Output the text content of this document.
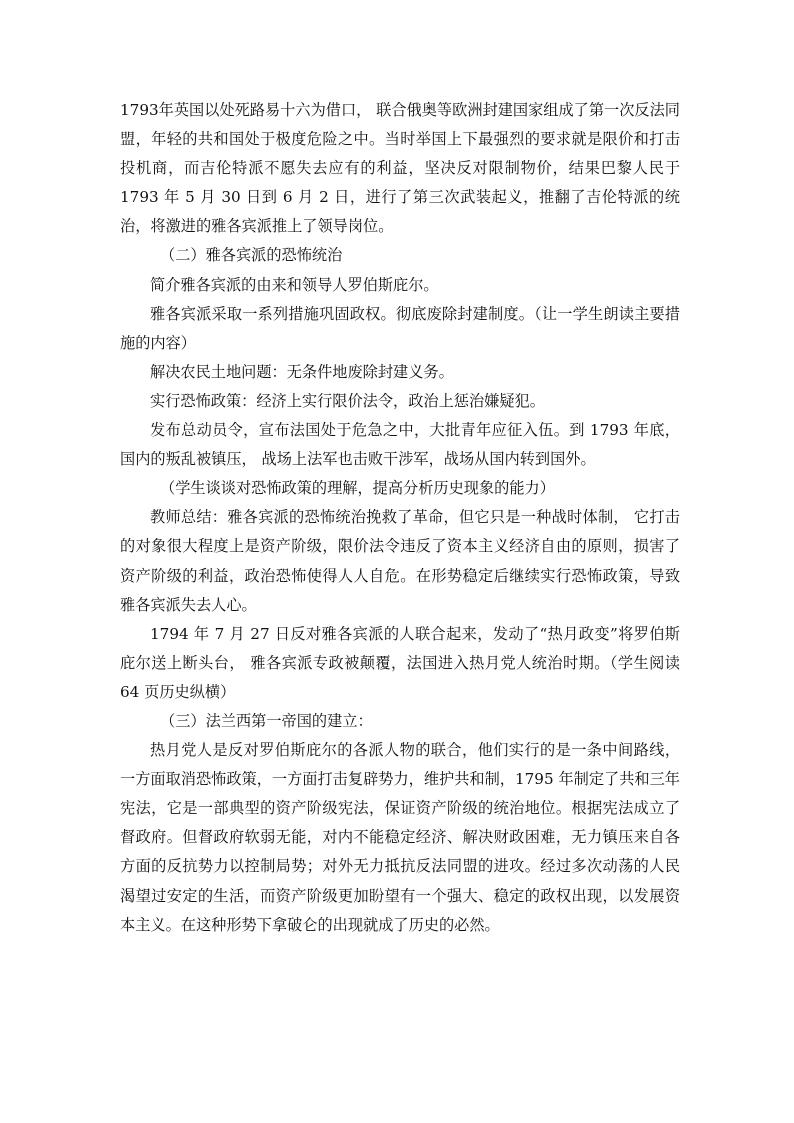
1793年英国以处死路易十六为借口， 联合俄奥等欧洲封建国家组成了第一次反法同盟，年轻的共和国处于极度危险之中。当时举国上下最强烈的要求就是限价和打击投机商，而吉伦特派不愿失去应有的利益，坚决反对限制物价，结果巴黎人民于 1793 年 5 月 30 日到 6 月 2 日，进行了第三次武装起义，推翻了吉伦特派的统治，将激进的雅各宾派推上了领导岗位。

（二）雅各宾派的恐怖统治

简介雅各宾派的由来和领导人罗伯斯庇尔。

雅各宾派采取一系列措施巩固政权。彻底废除封建制度。（让一学生朗读主要措施的内容）

解决农民土地问题：无条件地废除封建义务。

实行恐怖政策：经济上实行限价法令，政治上惩治嫌疑犯。

发布总动员令，宣布法国处于危急之中，大批青年应征入伍。到 1793 年底，国内的叛乱被镇压， 战场上法军也击败干涉军，战场从国内转到国外。

（学生谈谈对恐怖政策的理解，提高分析历史现象的能力）

教师总结：雅各宾派的恐怖统治挽救了革命，但它只是一种战时体制， 它打击的对象很大程度上是资产阶级，限价法令违反了资本主义经济自由的原则，损害了资产阶级的利益，政治恐怖使得人人自危。在形势稳定后继续实行恐怖政策，导致雅各宾派失去人心。

1794 年 7 月 27 日反对雅各宾派的人联合起来，发动了“热月政变”将罗伯斯庇尔送上断头台， 雅各宾派专政被颠覆，法国进入热月党人统治时期。（学生阅读 64 页历史纵横）

（三）法兰西第一帝国的建立：

热月党人是反对罗伯斯庇尔的各派人物的联合，他们实行的是一条中间路线，一方面取消恐怖政策，一方面打击复辟势力，维护共和制，1795 年制定了共和三年宪法，它是一部典型的资产阶级宪法，保证资产阶级的统治地位。根据宪法成立了督政府。但督政府软弱无能，对内不能稳定经济、解决财政困难，无力镇压来自各方面的反抗势力以控制局势；对外无力抵抗反法同盟的进攻。经过多次动荡的人民渴望过安定的生活，而资产阶级更加盼望有一个强大、稳定的政权出现，以发展资本主义。在这种形势下拿破仑的出现就成了历史的必然。
